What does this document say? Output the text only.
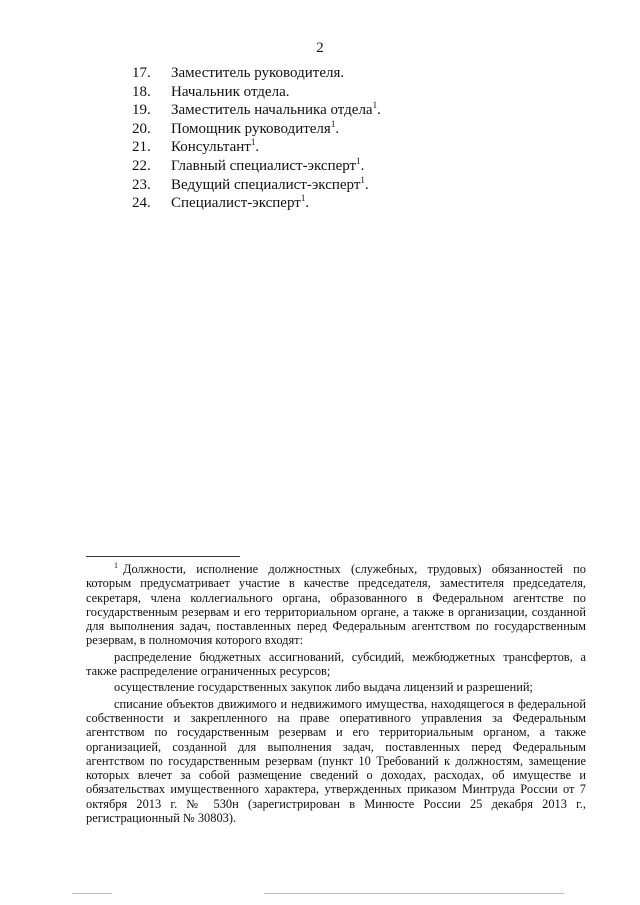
2
17. Заместитель руководителя.
18. Начальник отдела.
19. Заместитель начальника отдела$^1$.
20. Помощник руководителя$^1$.
21. Консультант$^1$.
22. Главный специалист-эксперт$^1$.
23. Ведущий специалист-эксперт$^1$.
24. Специалист-эксперт$^1$.

$^1$ Должности, исполнение должностных (служебных, трудовых) обязанностей по которым предусматривает участие в качестве председателя, заместителя председателя, секретаря, члена коллегиального органа, образованного в Федеральном агентстве по государственным резервам и его территориальном органе, а также в организации, созданной для выполнения задач, поставленных перед Федеральным агентством по государственным резервам, в полномочия которого входят:

распределение бюджетных ассигнований, субсидий, межбюджетных трансфертов, а также распределение ограниченных ресурсов;

осуществление государственных закупок либо выдача лицензий и разрешений;

списание объектов движимого и недвижимого имущества, находящегося в федеральной собственности и закрепленного на праве оперативного управления за Федеральным агентством по государственным резервам и его территориальным органом, а также организацией, созданной для выполнения задач, поставленных перед Федеральным агентством по государственным резервам (пункт 10 Требований к должностям, замещение которых влечет за собой размещение сведений о доходах, расходах, об имуществе и обязательствах имущественного характера, утвержденных приказом Минтруда России от 7 октября 2013 г. № 530н (зарегистрирован в Минюсте России 25 декабря 2013 г., регистрационный № 30803).
